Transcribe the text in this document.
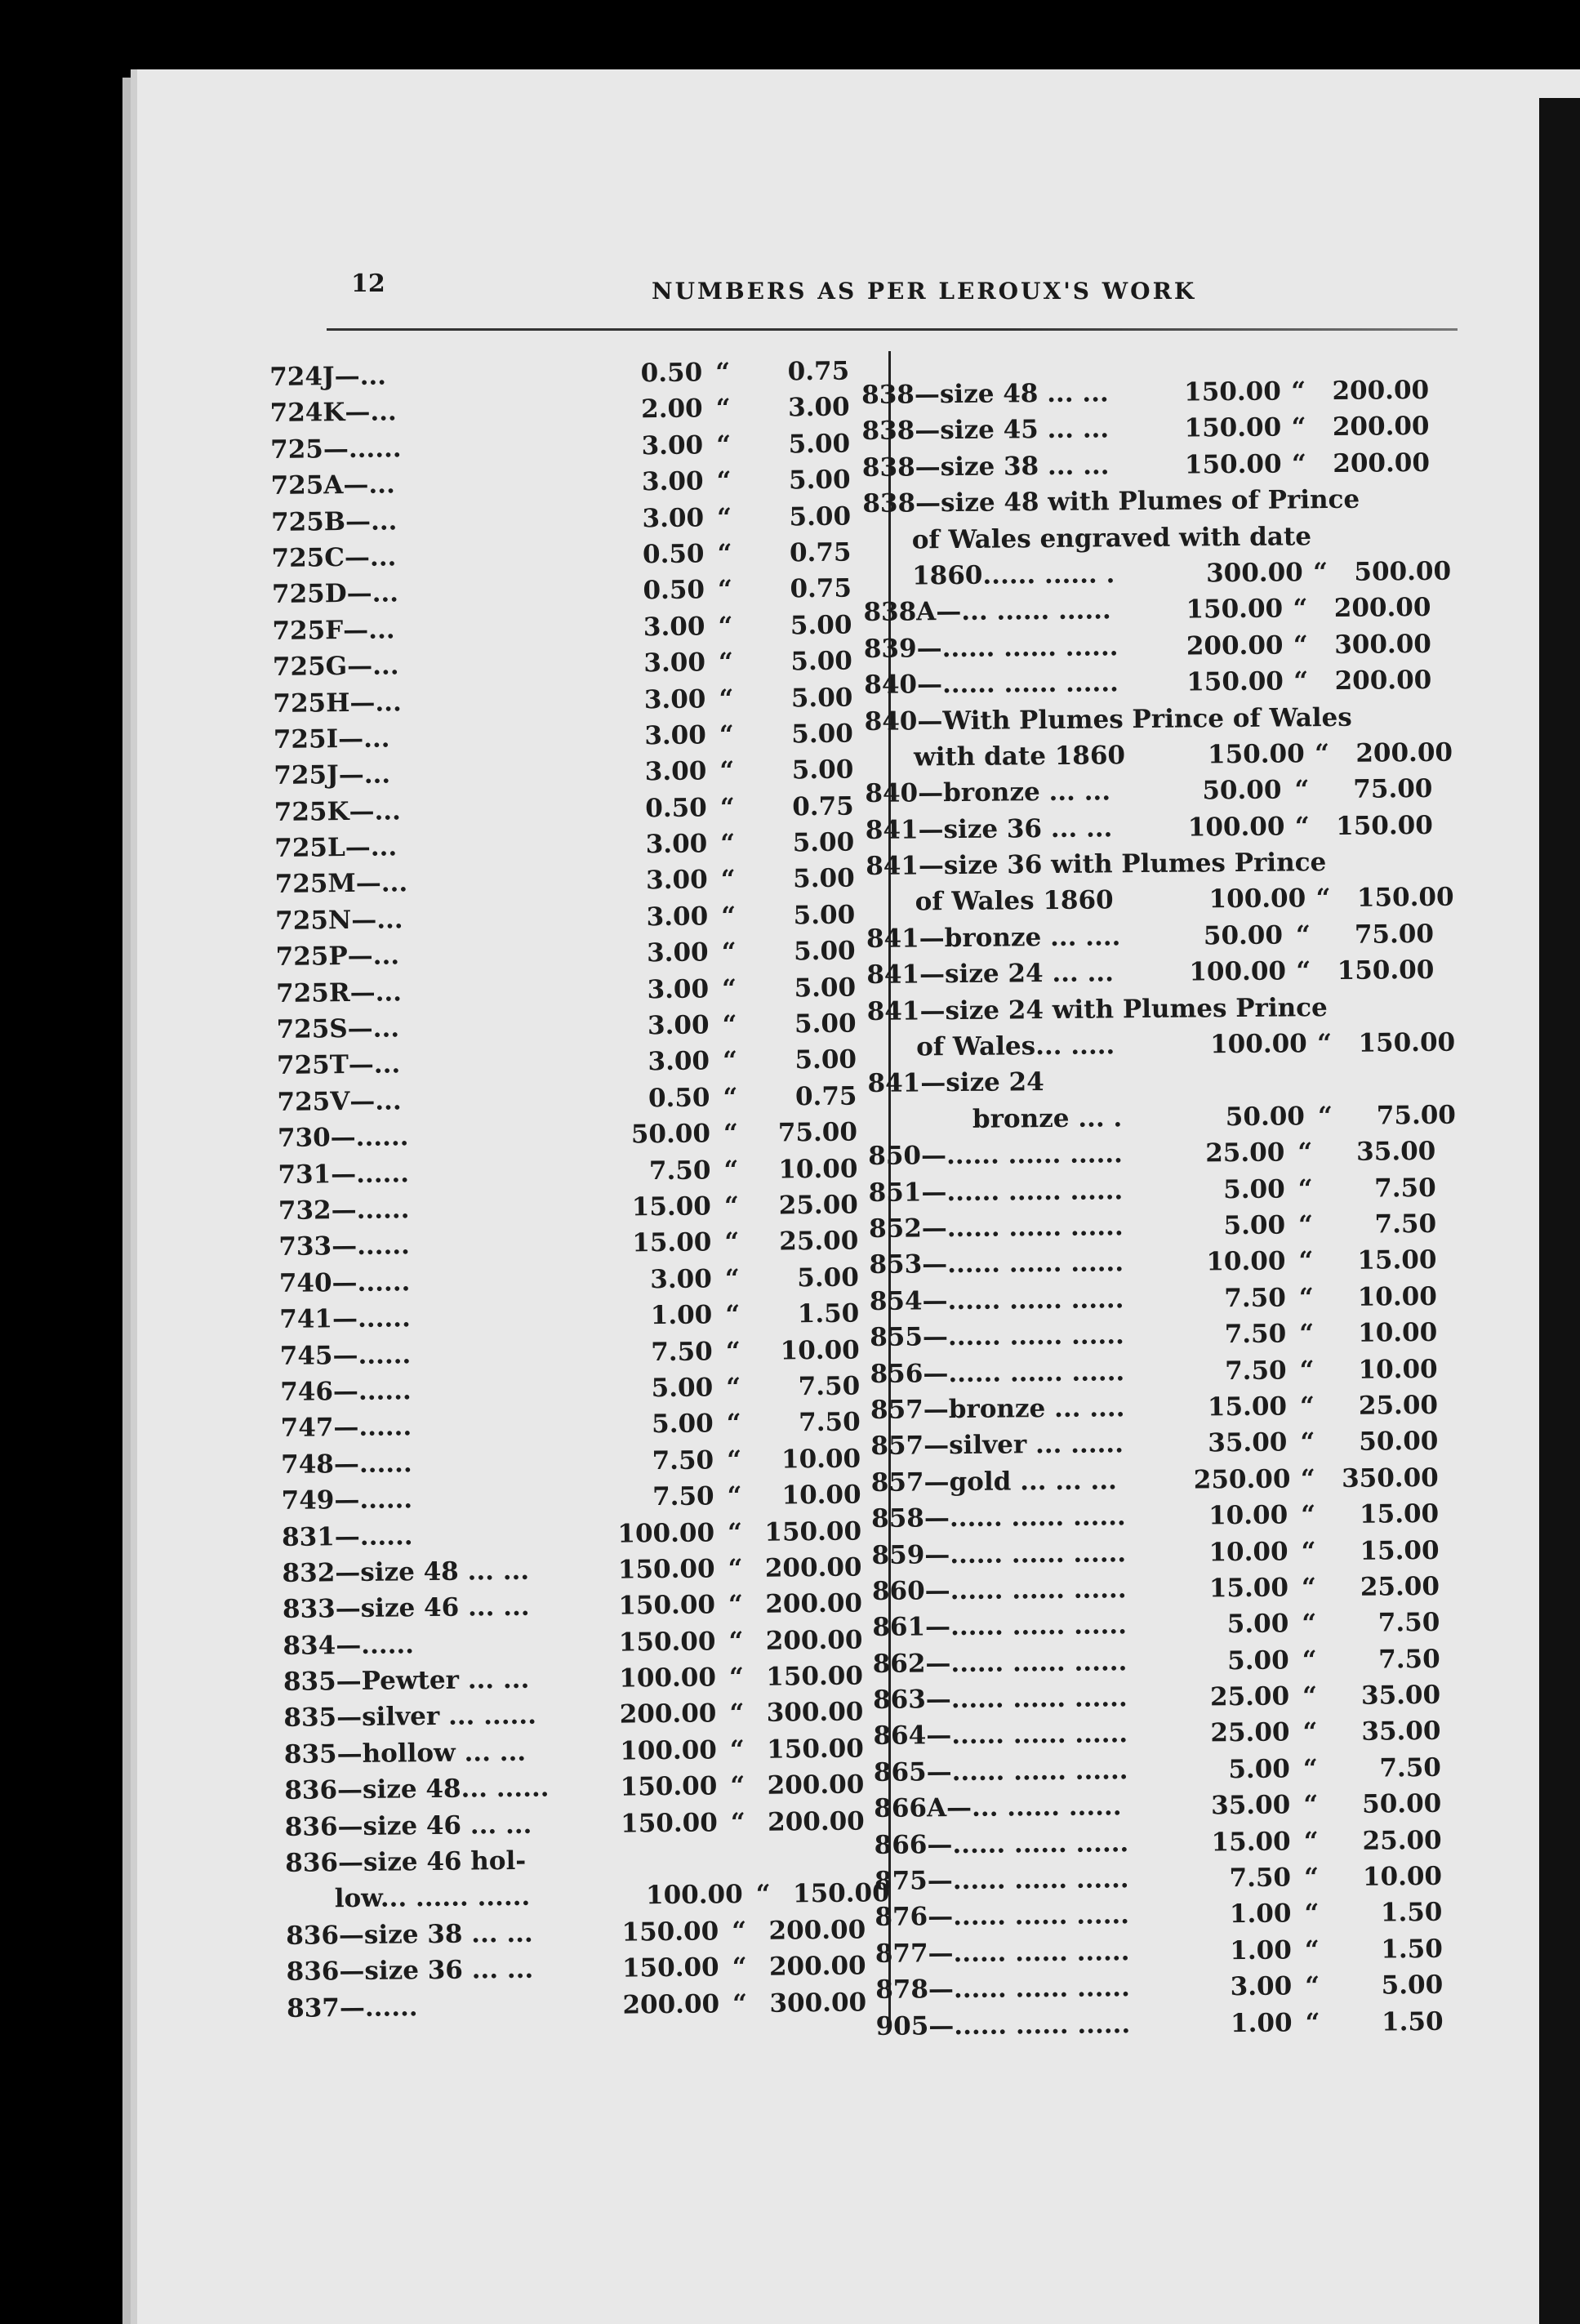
12	NUMBERS AS PER LEROUX'S WORK
724J—...	0.50 “	0.75
724K—...	2.00 “	3.00
725—......	3.00 “	5.00
725A—...	3.00 “	5.00
725B—...	3.00 “	5.00
725C—...	0.50 “	0.75
725D—...	0.50 “	0.75
725F—...	3.00 “	5.00
725G—...	3.00 “	5.00
725H—...	3.00 “	5.00
725I—...	3.00 “	5.00
725J—...	3.00 “	5.00
725K—...	0.50 “	0.75
725L—...	3.00 “	5.00
725M—...	3.00 “	5.00
725N—...	3.00 “	5.00
725P—...	3.00 “	5.00
725R—...	3.00 “	5.00
725S—...	3.00 “	5.00
725T—...	3.00 “	5.00
725V—...	0.50 “	0.75
730—......	50.00 “	75.00
731—......	7.50 “	10.00
732—......	15.00 “	25.00
733—......	15.00 “	25.00
740—......	3.00 “	5.00
741—......	1.00 “	1.50
745—......	7.50 “	10.00
746—......	5.00 “	7.50
747—......	5.00 “	7.50
748—......	7.50 “	10.00
749—......	7.50 “	10.00
831—......	100.00 “ 150.00
832—size 48 ... ...	150.00 “ 200.00
833—size 46 ... ...	150.00 “ 200.00
834—......	150.00 “ 200.00
835—Pewter ... ...	100.00 “ 150.00
835—silver ... ......	200.00 “ 300.00
835—hollow ... ...	100.00 “ 150.00
836—size 48... ......	150.00 “ 200.00
836—size 46 ... ...	150.00 “ 200.00
836—size 46 hol-
low... ...... ......	100.00 “ 150.00
836—size 38 ... ...	150.00 “ 200.00
836—size 36 ... ...	150.00 “ 200.00
837—......	200.00 “ 300.00
838—size 48 ... ...	150.00 “	200.00
838—size 45 ... ...	150.00 “	200.00
838—size 38 ... ...	150.00 “	200.00
838—size 48 with Plumes of Prince
of Wales engraved with date
1860...... ...... .	300.00 “	500.00
838A—... ...... ......	150.00 “	200.00
839—...... ...... ......	200.00 “	300.00
840—...... ...... ......	150.00 “	200.00
840—With Plumes Prince of Wales
with date 1860	150.00 “	200.00
840—bronze ... ...	50.00 “	75.00
841—size 36 ... ...	100.00 “	150.00
841—size 36 with Plumes Prince
of Wales 1860	100.00 “	150.00
841—bronze ... ....	50.00 “	75.00
841—size 24 ... ...	100.00 “	150.00
841—size 24 with Plumes Prince
of Wales... .....	100.00 “	150.00
841—size 24
bronze ... .	50.00 “	75.00
850—...... ...... ......	25.00 “	35.00
851—...... ...... ......	5.00 “	7.50
852—...... ...... ......	5.00 “	7.50
853—...... ...... ......	10.00 “	15.00
854—...... ...... ......	7.50 “	10.00
855—...... ...... ......	7.50 “	10.00
856—...... ...... ......	7.50 “	10.00
857—bronze ... ....	15.00 “	25.00
857—silver ... ......	35.00 “	50.00
857—gold ... ... ...	250.00 “	350.00
858—...... ...... ......	10.00 “	15.00
859—...... ...... ......	10.00 “	15.00
860—...... ...... ......	15.00 “	25.00
861—...... ...... ......	5.00 “	7.50
862—...... ...... ......	5.00 “	7.50
863—...... ...... ......	25.00 “	35.00
864—...... ...... ......	25.00 “	35.00
865—...... ...... ......	5.00 “	7.50
866A—... ...... ......	35.00 “	50.00
866—...... ...... ......	15.00 “	25.00
875—...... ...... ......	7.50 “	10.00
876—...... ...... ......	1.00 “	1.50
877—...... ...... ......	1.00 “	1.50
878—...... ...... ......	3.00 “	5.00
905—...... ...... ......	1.00 “	1.50
